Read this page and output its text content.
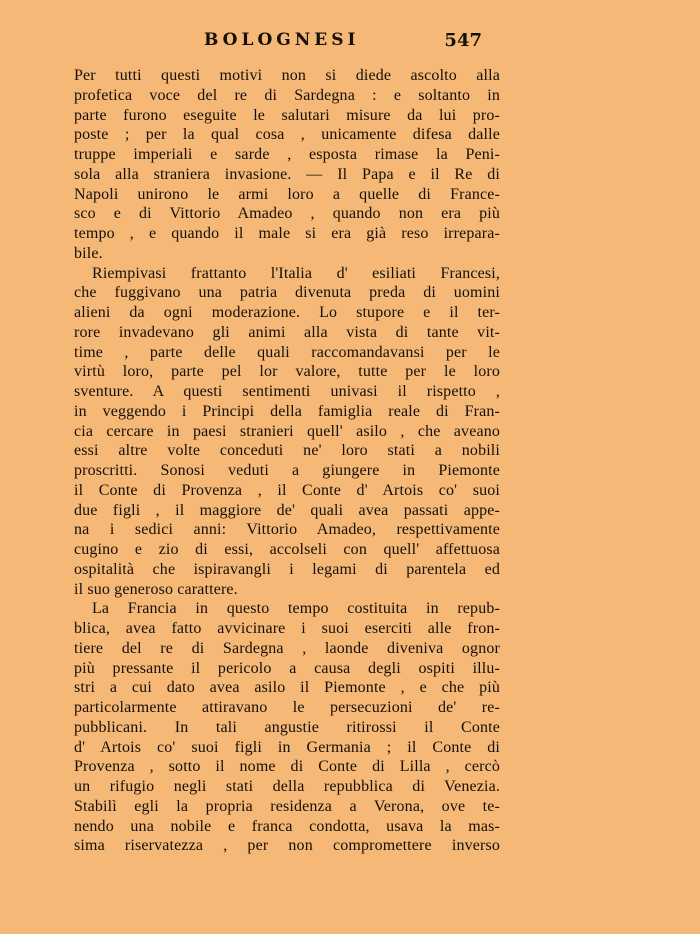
BOLOGNESI	547

Per tutti questi motivi non si diede ascolto alla
profetica voce del re di Sardegna : e soltanto in
parte furono eseguite le salutari misure da lui pro-
poste ; per la qual cosa , unicamente difesa dalle
truppe imperiali e sarde , esposta rimase la Peni-
sola alla straniera invasione. — Il Papa e il Re di
Napoli unirono le armi loro a quelle di France-
sco e di Vittorio Amadeo , quando non era più
tempo , e quando il male si era già reso irrepara-
bile.

Riempivasi frattanto l'Italia d' esiliati Francesi,
che fuggivano una patria divenuta preda di uomini
alieni da ogni moderazione. Lo stupore e il ter-
rore invadevano gli animi alla vista di tante vit-
time , parte delle quali raccomandavansi per le
virtù loro, parte pel lor valore, tutte per le loro
sventure. A questi sentimenti univasi il rispetto ,
in veggendo i Principi della famiglia reale di Fran-
cia cercare in paesi stranieri quell' asilo , che aveano
essi altre volte conceduti ne' loro stati a nobili
proscritti. Sonosi veduti a giungere in Piemonte
il Conte di Provenza , il Conte d' Artois co' suoi
due figli , il maggiore de' quali avea passati appe-
na i sedici anni: Vittorio Amadeo, respettivamente
cugino e zio di essi, accolseli con quell' affettuosa
ospitalità che ispiravangli i legami di parentela ed
il suo generoso carattere.

La Francia in questo tempo costituita in repub-
blica, avea fatto avvicinare i suoi eserciti alle fron-
tiere del re di Sardegna , laonde diveniva ognor
più pressante il pericolo a causa degli ospiti illu-
stri a cui dato avea asilo il Piemonte , e che più
particolarmente attiravano le persecuzioni de' re-
pubblicani. In tali angustie ritirossi il Conte
d' Artois co' suoi figli in Germania ; il Conte di
Provenza , sotto il nome di Conte di Lilla , cercò
un rifugio negli stati della repubblica di Venezia.
Stabilì egli la propria residenza a Verona, ove te-
nendo una nobile e franca condotta, usava la mas-
sima riservatezza , per non compromettere inverso
